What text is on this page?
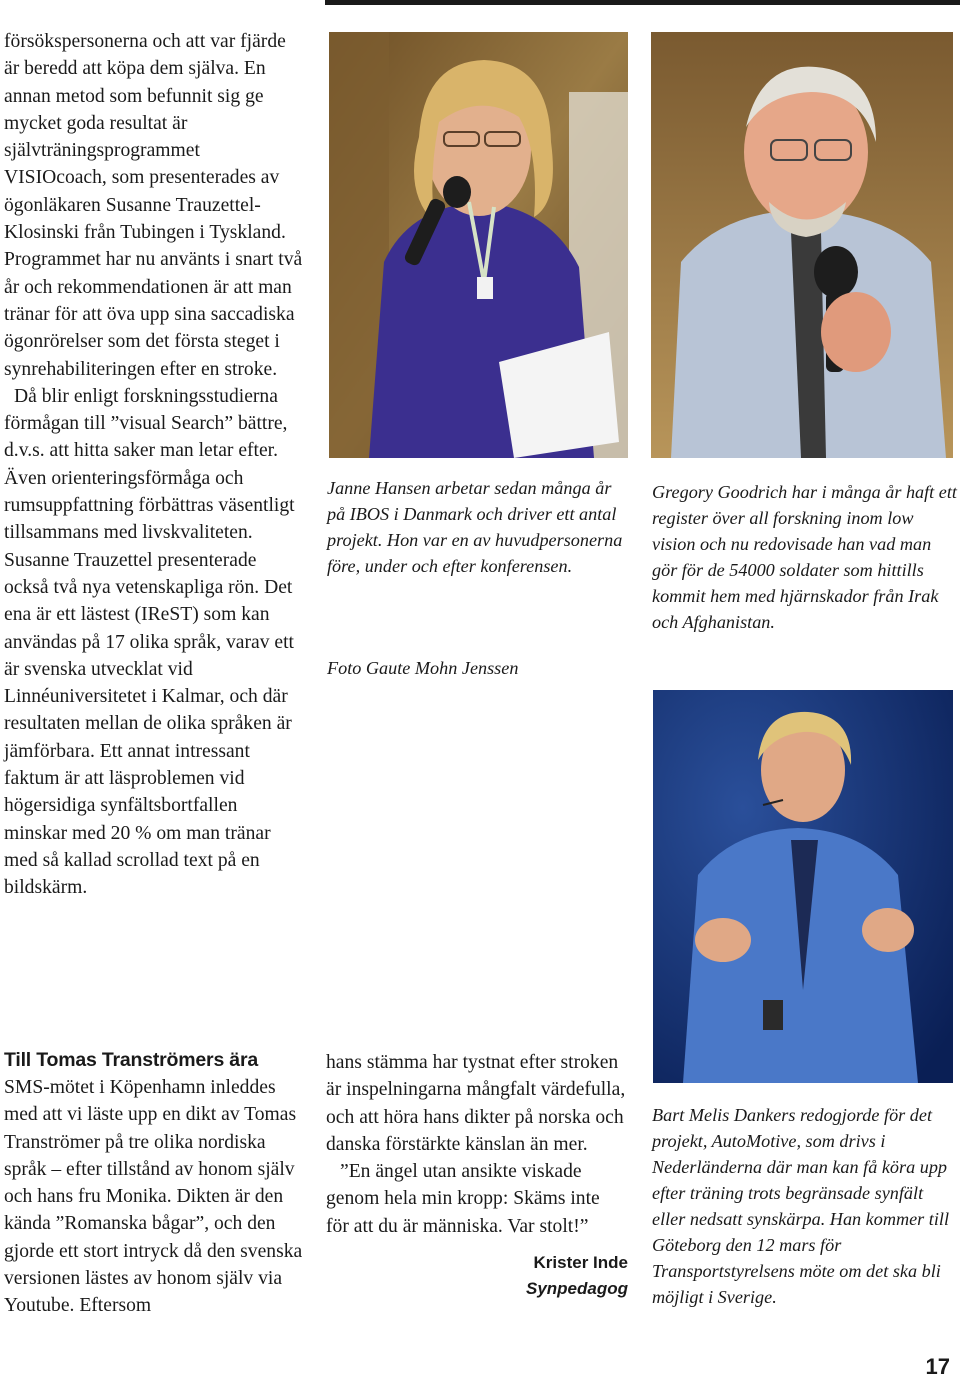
försökspersonerna och att var fjärde är beredd att köpa dem själva. En annan metod som befunnit sig ge mycket goda resultat är självträningsprogrammet VISIOcoach, som presenterades av ögonläkaren Susanne Trauzettel-Klosinski från Tubingen i Tyskland. Programmet har nu använts i snart två år och rekommendationen är att man tränar för att öva upp sina saccadiska ögonrörelser som det första steget i synrehabiliteringen efter en stroke.

Då blir enligt forskningsstudierna förmågan till ”visual Search” bättre, d.v.s. att hitta saker man letar efter. Även orienteringsförmåga och rumsuppfattning förbättras väsentligt tillsammans med livskvaliteten. Susanne Trauzettel presenterade också två nya vetenskapliga rön. Det ena är ett lästest (IReST) som kan användas på 17 olika språk, varav ett är svenska utvecklat vid Linnéuniversitetet i Kalmar, och där resultaten mellan de olika språken är jämförbara. Ett annat intressant faktum är att läsproblemen vid högersidiga synfältsbortfallen minskar med 20 % om man tränar med så kallad scrollad text på en bildskärm.

Till Tomas Tranströmers ära

SMS-mötet i Köpenhamn inleddes med att vi läste upp en dikt av Tomas Tranströmer på tre olika nordiska språk – efter tillstånd av honom själv och hans fru Monika. Dikten är den kända ”Romanska bågar”, och den gjorde ett stort intryck då den svenska versionen lästes av honom själv via Youtube. Eftersom

hans stämma har tystnat efter stroken är inspelningarna mångfalt värdefulla, och att höra hans dikter på norska och danska förstärkte känslan än mer.

”En ängel utan ansikte viskade genom hela min kropp: Skäms inte för att du är människa. Var stolt!”

Krister Inde
Synpedagog

Janne Hansen arbetar sedan många år på IBOS i Danmark och driver ett antal projekt. Hon var en av huvudpersonerna före, under och efter konferensen.

Foto Gaute Mohn Jenssen

Gregory Goodrich har i många år haft ett register över all forskning inom low vision och nu redovisade han vad man gör för de 54000 soldater som hittills kommit hem med hjärnskador från Irak och Afghanistan.

Bart Melis Dankers redogjorde för det projekt, AutoMotive, som drivs i Nederländerna där man kan få köra upp efter träning trots begränsade synfält eller nedsatt synskärpa. Han kommer till Göteborg den 12 mars för Transportstyrelsens möte om det ska bli möjligt i Sverige.

17
